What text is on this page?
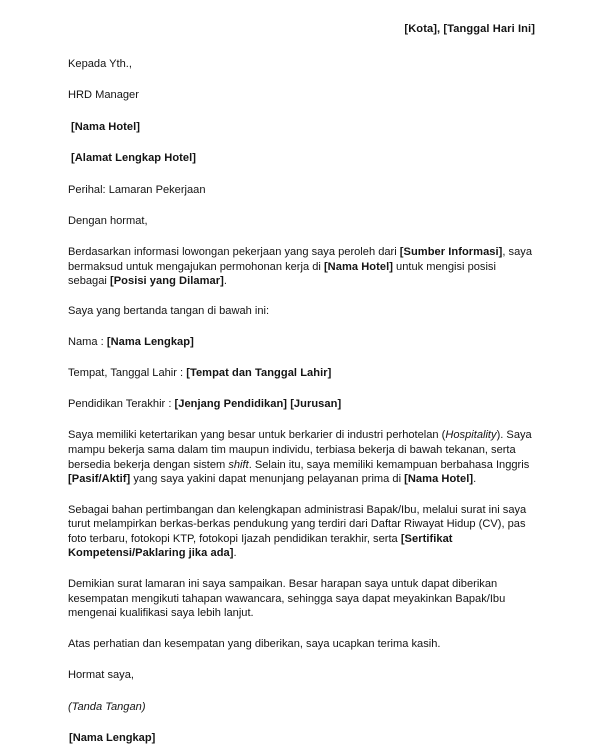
[Kota], [Tanggal Hari Ini]
Kepada Yth.,
HRD Manager
[Nama Hotel]
[Alamat Lengkap Hotel]
Perihal: Lamaran Pekerjaan
Dengan hormat,
Berdasarkan informasi lowongan pekerjaan yang saya peroleh dari [Sumber Informasi], saya bermaksud untuk mengajukan permohonan kerja di [Nama Hotel] untuk mengisi posisi sebagai [Posisi yang Dilamar].
Saya yang bertanda tangan di bawah ini:
Nama : [Nama Lengkap]
Tempat, Tanggal Lahir : [Tempat dan Tanggal Lahir]
Pendidikan Terakhir : [Jenjang Pendidikan] [Jurusan]
Saya memiliki ketertarikan yang besar untuk berkarier di industri perhotelan (Hospitality). Saya mampu bekerja sama dalam tim maupun individu, terbiasa bekerja di bawah tekanan, serta bersedia bekerja dengan sistem shift. Selain itu, saya memiliki kemampuan berbahasa Inggris [Pasif/Aktif] yang saya yakini dapat menunjang pelayanan prima di [Nama Hotel].
Sebagai bahan pertimbangan dan kelengkapan administrasi Bapak/Ibu, melalui surat ini saya turut melampirkan berkas-berkas pendukung yang terdiri dari Daftar Riwayat Hidup (CV), pas foto terbaru, fotokopi KTP, fotokopi Ijazah pendidikan terakhir, serta [Sertifikat Kompetensi/Paklaring jika ada].
Demikian surat lamaran ini saya sampaikan. Besar harapan saya untuk dapat diberikan kesempatan mengikuti tahapan wawancara, sehingga saya dapat meyakinkan Bapak/Ibu mengenai kualifikasi saya lebih lanjut.
Atas perhatian dan kesempatan yang diberikan, saya ucapkan terima kasih.
Hormat saya,
(Tanda Tangan)
[Nama Lengkap]
